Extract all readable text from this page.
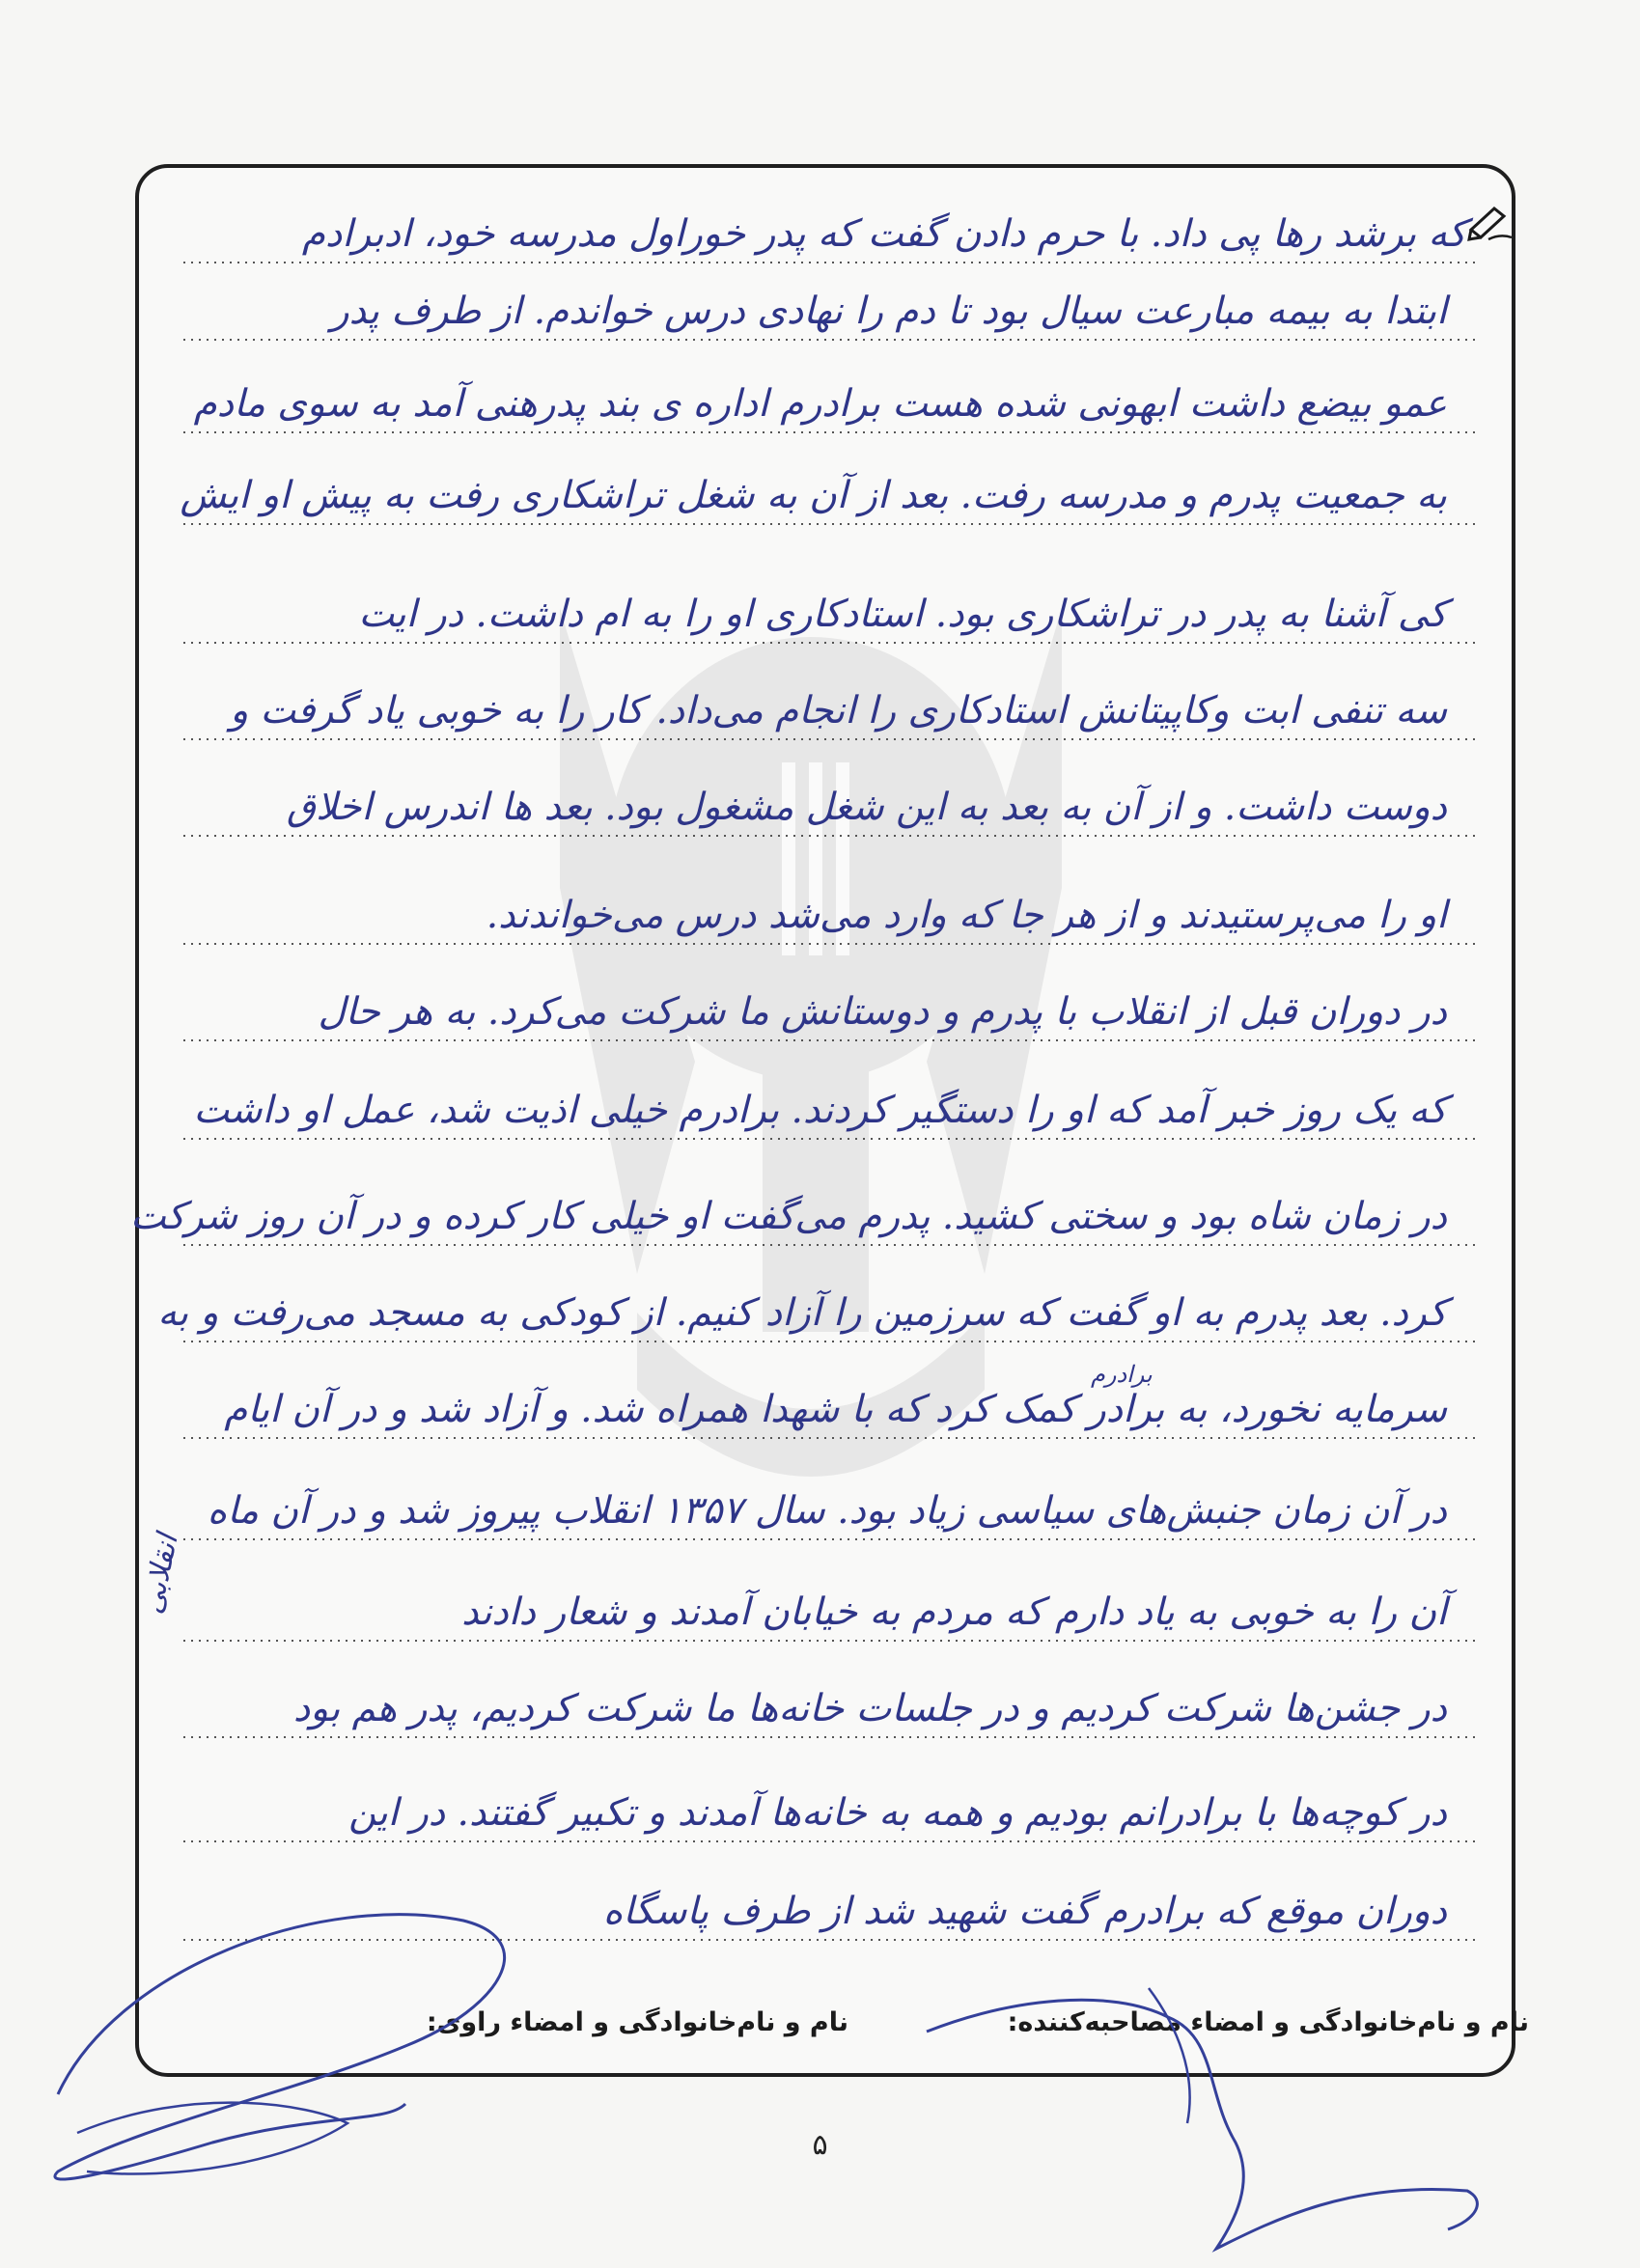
که برشد رها پی داد. با حرم دادن گفت که پدر خوراول مدرسه خود، ادبرادم
ابتدا به بیمه مبارعت سیال بود تا دم را نهادی درس خواندم. از طرف پدر
عمو بیضع داشت ابهونی شده هست برادرم اداره ی بند پدرهنی آمد به سوی مادم
به جمعیت پدرم و مدرسه رفت. بعد از آن به شغل تراشکاری رفت به پیش او ایش
کی آشنا به پدر در تراشکاری بود. استادکاری او را به ام داشت. در ایت
سه تنفی ابت وکاپیتانش استادکاری را انجام می‌داد. کار را به خوبی یاد گرفت و
دوست داشت. و از آن به بعد به این شغل مشغول بود. بعد ها اندرس اخلاق
او را می‌پرستیدند و از هر جا که وارد می‌شد درس می‌خواندند.
در دوران قبل از انقلاب با پدرم و دوستانش ما شرکت می‌کرد. به هر حال
که یک روز خبر آمد که او را دستگیر کردند. برادرم خیلی اذیت شد، عمل او داشت
در زمان شاه بود و سختی کشید. پدرم می‌گفت او خیلی کار کرده و در آن روز شرکت
کرد. بعد پدرم به او گفت که سرزمین را آزاد کنیم. از کودکی به مسجد می‌رفت و به
سرمایه نخورد، به برادر کمک کرد که با شهدا همراه شد. و آزاد شد و در آن ایام
در آن زمان جنبش‌های سیاسی زیاد بود. سال ۱۳۵۷ انقلاب پیروز شد و در آن ماه
آن را به خوبی به یاد دارم که مردم به خیابان آمدند و شعار دادند
در جشن‌ها شرکت کردیم و در جلسات خانه‌ها ما شرکت کردیم، پدر هم بود
در کوچه‌ها با برادرانم بودیم و همه به خانه‌ها آمدند و تکبیر گفتند. در این
دوران موقع که برادرم گفت شهید شد از طرف پاسگاه
برادرم
انقلابی
نام و نام‌خانوادگی و امضاء مصاحبه‌کننده:
نام و نام‌خانوادگی و امضاء راوی:
۵
